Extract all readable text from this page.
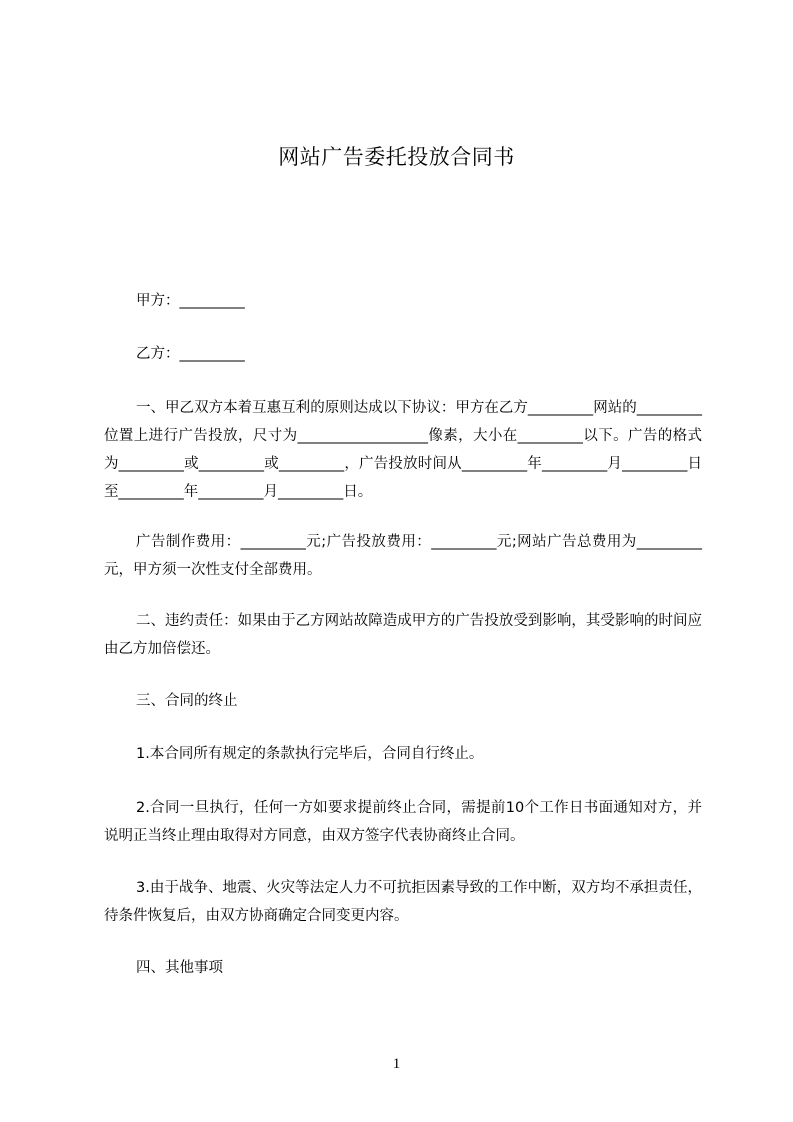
网站广告委托投放合同书
甲方：_________
乙方：_________
一、甲乙双方本着互惠互利的原则达成以下协议：甲方在乙方_________网站的_________位置上进行广告投放，尺寸为__________________像素，大小在_________以下。广告的格式为_________或_________或_________，广告投放时间从_________年_________月_________日至_________年_________月_________日。
广告制作费用：_________元;广告投放费用：_________元;网站广告总费用为_________元，甲方须一次性支付全部费用。
二、违约责任：如果由于乙方网站故障造成甲方的广告投放受到影响，其受影响的时间应由乙方加倍偿还。
三、合同的终止
1.本合同所有规定的条款执行完毕后，合同自行终止。
2.合同一旦执行，任何一方如要求提前终止合同，需提前10个工作日书面通知对方，并说明正当终止理由取得对方同意，由双方签字代表协商终止合同。
3.由于战争、地震、火灾等法定人力不可抗拒因素导致的工作中断，双方均不承担责任，待条件恢复后，由双方协商确定合同变更内容。
四、其他事项
1
